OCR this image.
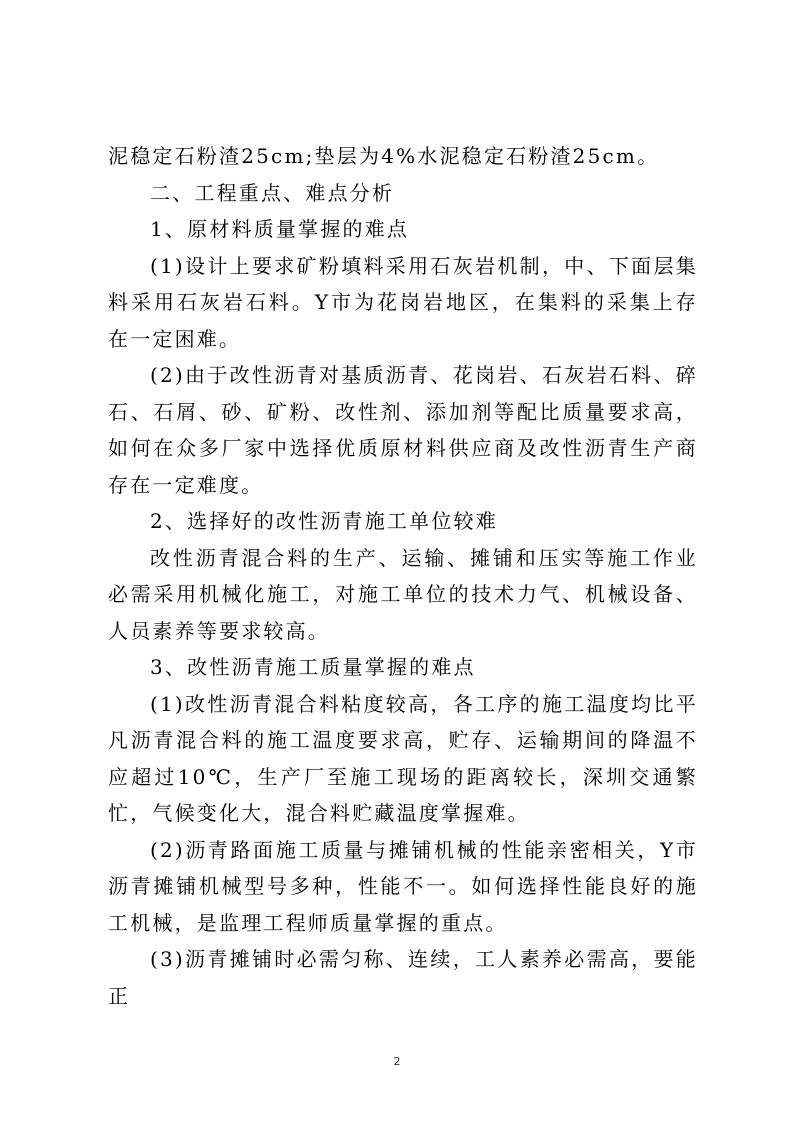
泥稳定石粉渣25cm;垫层为4%水泥稳定石粉渣25cm。

二、工程重点、难点分析

1、原材料质量掌握的难点

(1)设计上要求矿粉填料采用石灰岩机制，中、下面层集料采用石灰岩石料。Y市为花岗岩地区，在集料的采集上存在一定困难。

(2)由于改性沥青对基质沥青、花岗岩、石灰岩石料、碎石、石屑、砂、矿粉、改性剂、添加剂等配比质量要求高，如何在众多厂家中选择优质原材料供应商及改性沥青生产商存在一定难度。

2、选择好的改性沥青施工单位较难

改性沥青混合料的生产、运输、摊铺和压实等施工作业必需采用机械化施工，对施工单位的技术力气、机械设备、人员素养等要求较高。

3、改性沥青施工质量掌握的难点

(1)改性沥青混合料粘度较高，各工序的施工温度均比平凡沥青混合料的施工温度要求高，贮存、运输期间的降温不应超过10℃，生产厂至施工现场的距离较长，深圳交通繁忙，气候变化大，混合料贮藏温度掌握难。

(2)沥青路面施工质量与摊铺机械的性能亲密相关，Y市沥青摊铺机械型号多种，性能不一。如何选择性能良好的施工机械，是监理工程师质量掌握的重点。

(3)沥青摊铺时必需匀称、连续，工人素养必需高，要能正

2
